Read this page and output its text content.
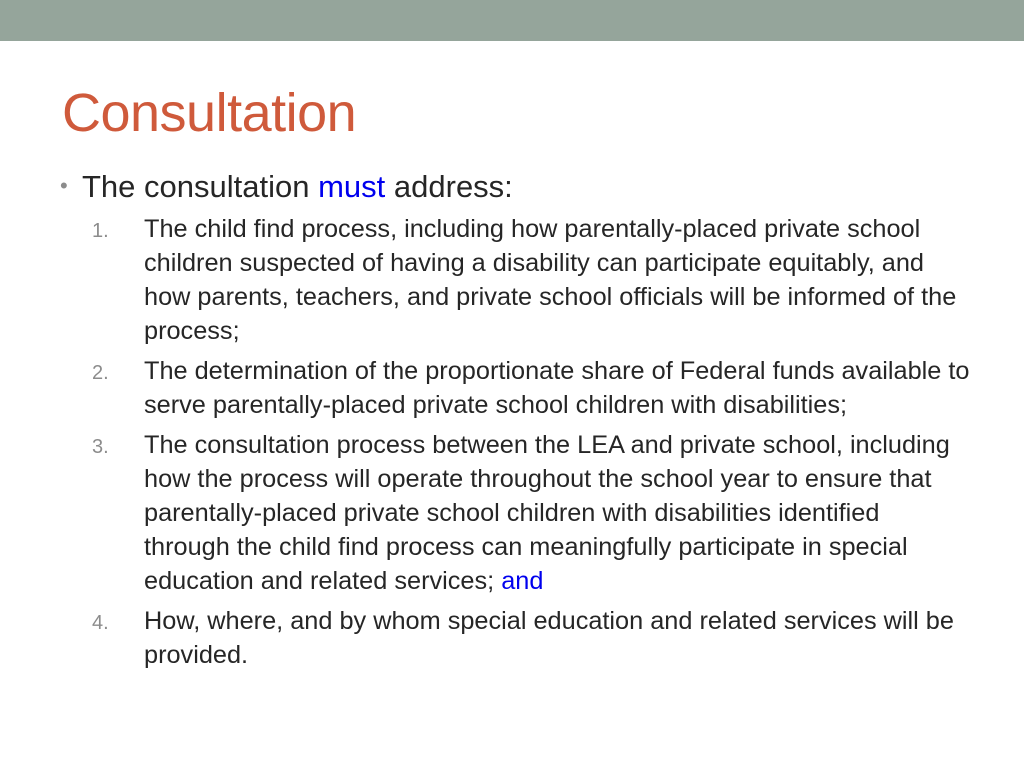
Consultation
• The consultation must address:
1. The child find process, including how parentally-placed private school children suspected of having a disability can participate equitably, and how parents, teachers, and private school officials will be informed of the process;
2. The determination of the proportionate share of Federal funds available to serve parentally-placed private school children with disabilities;
3. The consultation process between the LEA and private school, including how the process will operate throughout the school year to ensure that parentally-placed private school children with disabilities identified through the child find process can meaningfully participate in special education and related services; and
4. How, where, and by whom special education and related services will be provided.
